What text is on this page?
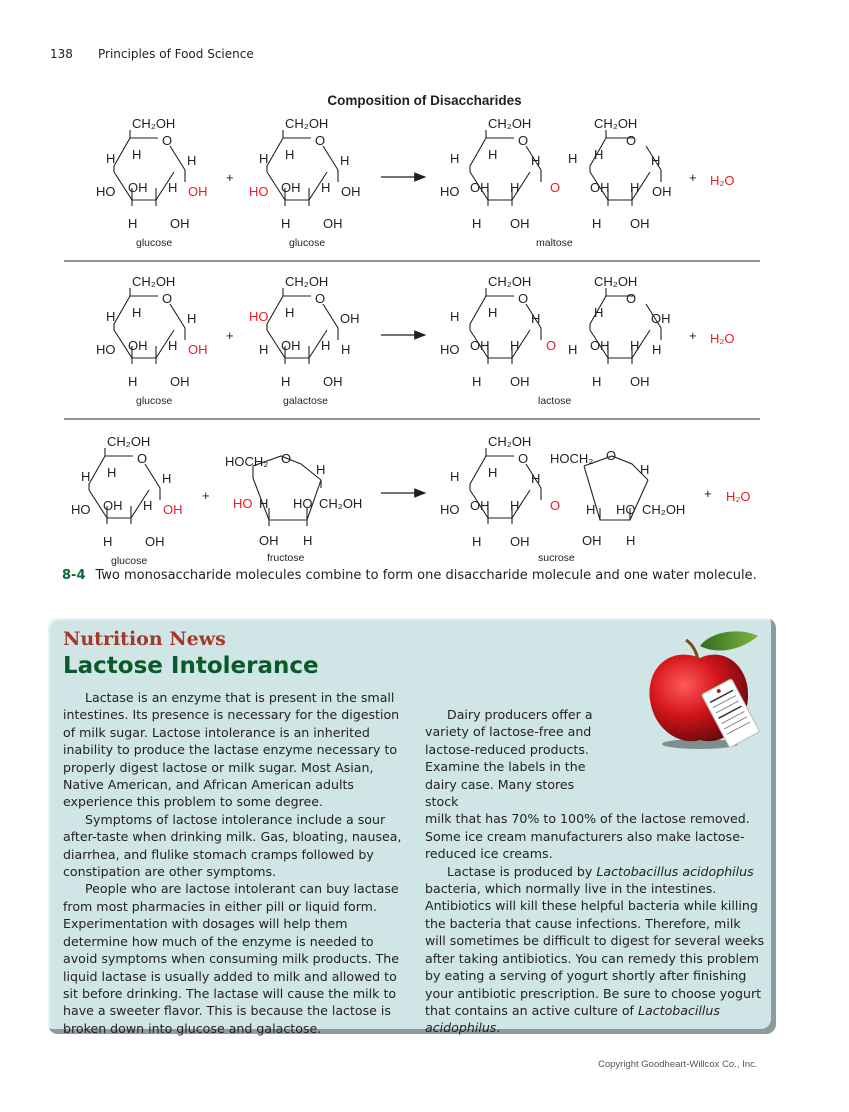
138 Principles of Food Science
Composition of Disaccharides
CH₂OH
O
H
H	H
HO OH H OH
H	OH
glucose
+
CH₂OH
O
H
H	H
HO OH H OH
H	OH
glucose
CH₂OH
O
H
H	H
HO OH H O
H OH
CH₂OH
O
H
H	H
OH H OH
H OH
maltose
+ H₂O
CH₂OH
O
H
H	H
HO OH H OH
H	OH
glucose
+
CH₂OH
O
H
HO	OH
H OH H H
H	OH
galactose
CH₂OH
O
H
H	H
HO OH H O
H OH
CH₂OH
O
H	OH
H OH H H
H OH
lactose
+ H₂O
CH₂OH
O
H
H	H
HO OH H OH
H	OH
glucose
+
HOCH₂ O
H
HO H HO CH₂OH
OH H
fructose
CH₂OH
O
H
H	H
HO OH H O
H OH
HOCH₂ O
H
H HO CH₂OH
OH H
sucrose
+ H₂O
8-4 Two monosaccharide molecules combine to form one disaccharide molecule and one water molecule.
Nutrition News
Lactose Intolerance

Lactase is an enzyme that is present in the small intestines. Its presence is necessary for the digestion of milk sugar. Lactose intolerance is an inherited inability to produce the lactase enzyme necessary to properly digest lactose or milk sugar. Most Asian, Native American, and African American adults experience this problem to some degree.

Symptoms of lactose intolerance include a sour after-taste when drinking milk. Gas, bloating, nausea, diarrhea, and flulike stomach cramps followed by constipation are other symptoms.

People who are lactose intolerant can buy lactase from most pharmacies in either pill or liquid form. Experimentation with dosages will help them determine how much of the enzyme is needed to avoid symptoms when consuming milk products. The liquid lactase is usually added to milk and allowed to sit before drinking. The lactase will cause the milk to have a sweeter flavor. This is because the lactose is broken down into glucose and galactose.

Dairy producers offer a variety of lactose-free and lactose-reduced products. Examine the labels in the dairy case. Many stores stock

milk that has 70% to 100% of the lactose removed. Some ice cream manufacturers also make lactose-reduced ice creams.

Lactase is produced by Lactobacillus acidophilus bacteria, which normally live in the intestines. Antibiotics will kill these helpful bacteria while killing the bacteria that cause infections. Therefore, milk will sometimes be difficult to digest for several weeks after taking antibiotics. You can remedy this problem by eating a serving of yogurt shortly after finishing your antibiotic prescription. Be sure to choose yogurt that contains an active culture of Lactobacillus acidophilus.

Copyright Goodheart-Willcox Co., Inc.
